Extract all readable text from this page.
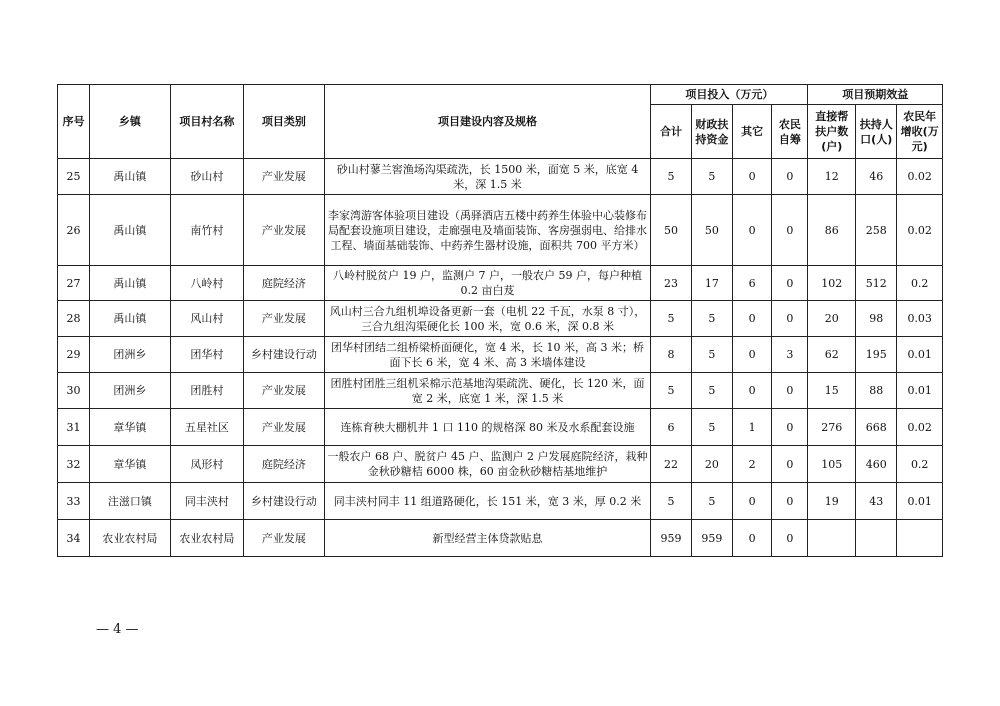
序号	乡镇	项目村名称	项目类别	项目建设内容及规格	项目投入（万元）				项目预期效益		
					合计	财政扶持资金	其它	农民自筹	直接帮扶户数(户)	扶持人口(人)	农民年增收(万元)
25	禹山镇	砂山村	产业发展	砂山村蓼兰窖渔场沟渠疏洗，长 1500 米，面宽 5 米，底宽 4 米，深 1.5 米	5	5	0	0	12	46	0.02
26	禹山镇	南竹村	产业发展	李家湾游客体验项目建设（禹驿酒店五楼中药养生体验中心装修布局配套设施项目建设，走廊强电及墙面装饰、客房强弱电、给排水工程、墙面基础装饰、中药养生器材设施，面积共 700 平方米）	50	50	0	0	86	258	0.02
27	禹山镇	八岭村	庭院经济	八岭村脱贫户 19 户，监测户 7 户，一般农户 59 户，每户种植 0.2 亩白芨	23	17	6	0	102	512	0.2
28	禹山镇	风山村	产业发展	风山村三合九组机埠设备更新一套（电机 22 千瓦，水泵 8 寸），三合九组沟渠硬化长 100 米，宽 0.6 米，深 0.8 米	5	5	0	0	20	98	0.03
29	团洲乡	团华村	乡村建设行动	团华村团结二组桥梁桥面硬化，宽 4 米，长 10 米，高 3 米；桥面下长 6 米，宽 4 米、高 3 米墙体建设	8	5	0	3	62	195	0.01
30	团洲乡	团胜村	产业发展	团胜村团胜三组机采棉示范基地沟渠疏洗、硬化，长 120 米，面宽 2 米，底宽 1 米，深 1.5 米	5	5	0	0	15	88	0.01
31	章华镇	五星社区	产业发展	连栋育秧大棚机井 1 口 110 的规格深 80 米及水系配套设施	6	5	1	0	276	668	0.02
32	章华镇	凤形村	庭院经济	一般农户 68 户、脱贫户 45 户、监测户 2 户发展庭院经济，栽种金秋砂糖桔 6000 株，60 亩金秋砂糖桔基地维护	22	20	2	0	105	460	0.2
33	注滋口镇	同丰浃村	乡村建设行动	同丰浃村同丰 11 组道路硬化，长 151 米，宽 3 米，厚 0.2 米	5	5	0	0	19	43	0.01
34	农业农村局	农业农村局	产业发展	新型经营主体贷款贴息	959	959	0	0			
— 4 —
